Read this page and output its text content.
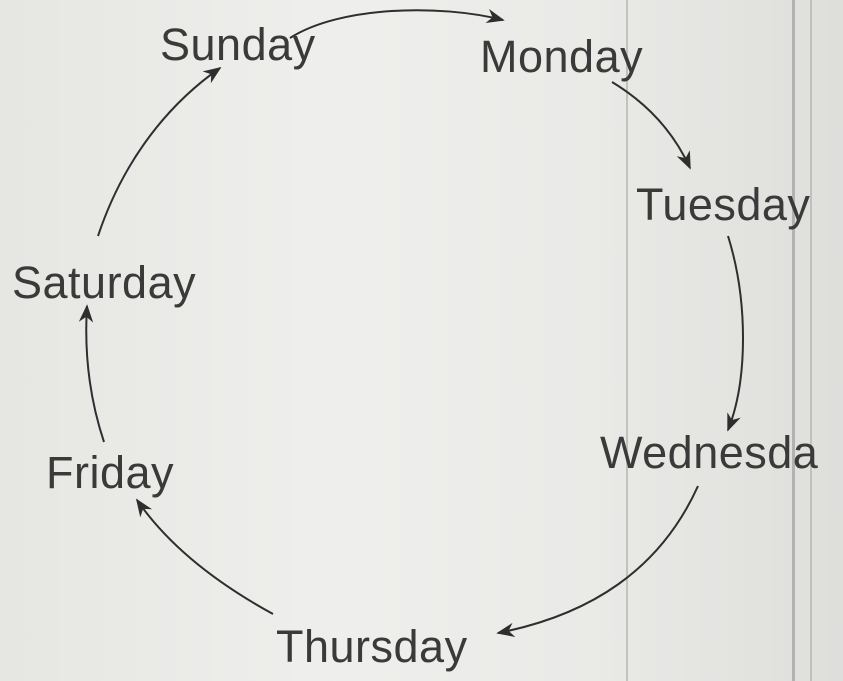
Sunday	Monday
Tuesday
Wednesda
Thursday
Friday
Saturday
